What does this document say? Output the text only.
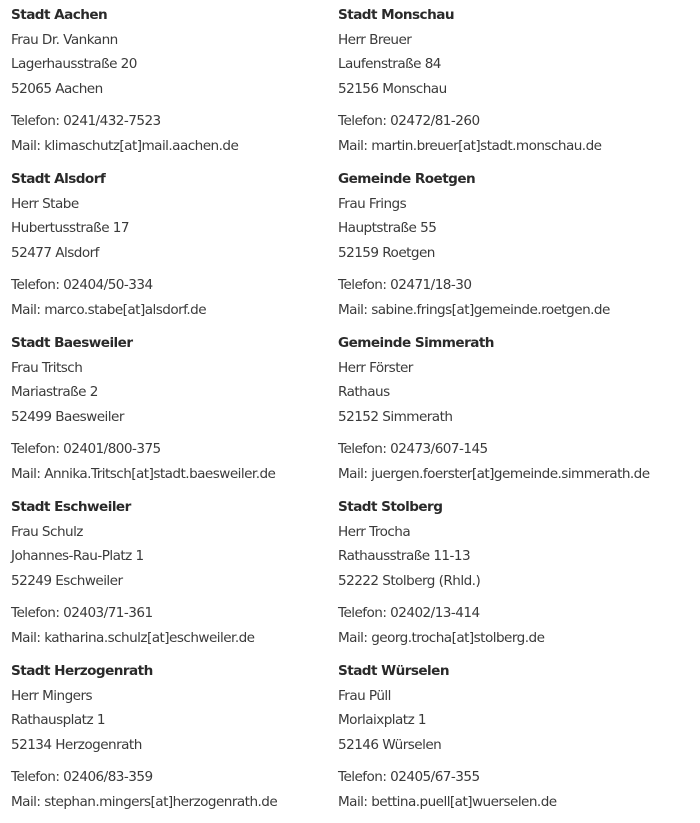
Stadt Aachen
Frau Dr. Vankann
Lagerhausstraße 20
52065 Aachen
Telefon: 0241/432-7523
Mail: klimaschutz[at]mail.aachen.de
Stadt Alsdorf
Herr Stabe
Hubertusstraße 17
52477 Alsdorf
Telefon: 02404/50-334
Mail: marco.stabe[at]alsdorf.de
Stadt Baesweiler
Frau Tritsch
Mariastraße 2
52499 Baesweiler
Telefon: 02401/800-375
Mail: Annika.Tritsch[at]stadt.baesweiler.de
Stadt Eschweiler
Frau Schulz
Johannes-Rau-Platz 1
52249 Eschweiler
Telefon: 02403/71-361
Mail: katharina.schulz[at]eschweiler.de
Stadt Herzogenrath
Herr Mingers
Rathausplatz 1
52134 Herzogenrath
Telefon: 02406/83-359
Mail: stephan.mingers[at]herzogenrath.de
Stadt Monschau
Herr Breuer
Laufenstraße 84
52156 Monschau
Telefon: 02472/81-260
Mail: martin.breuer[at]stadt.monschau.de
Gemeinde Roetgen
Frau Frings
Hauptstraße 55
52159 Roetgen
Telefon: 02471/18-30
Mail: sabine.frings[at]gemeinde.roetgen.de
Gemeinde Simmerath
Herr Förster
Rathaus
52152 Simmerath
Telefon: 02473/607-145
Mail: juergen.foerster[at]gemeinde.simmerath.de
Stadt Stolberg
Herr Trocha
Rathausstraße 11-13
52222 Stolberg (Rhld.)
Telefon: 02402/13-414
Mail: georg.trocha[at]stolberg.de
Stadt Würselen
Frau Püll
Morlaixplatz 1
52146 Würselen
Telefon: 02405/67-355
Mail: bettina.puell[at]wuerselen.de
